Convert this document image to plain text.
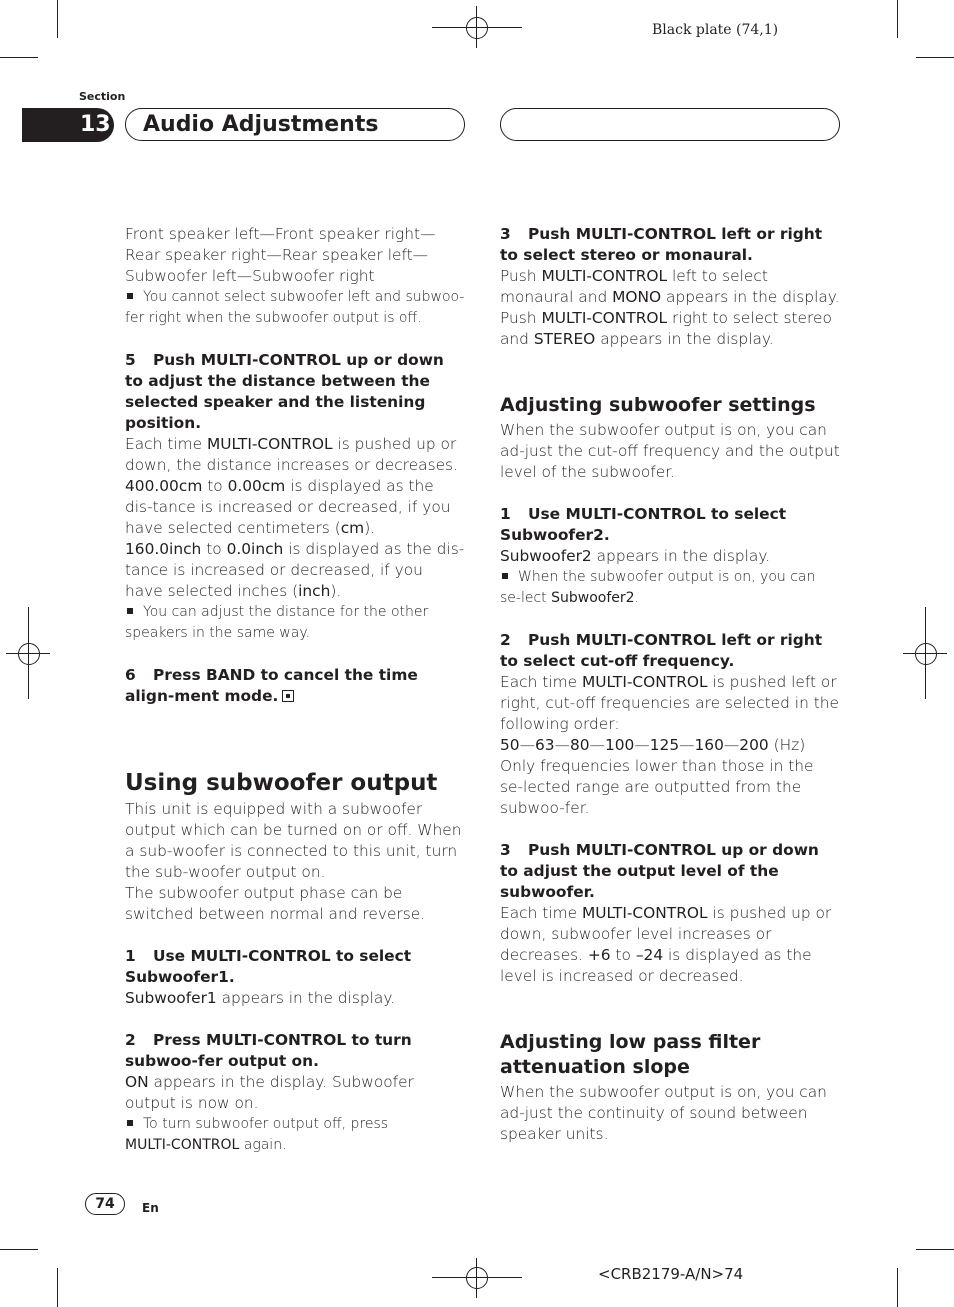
Black plate (74,1)
Section
13 Audio Adjustments

Front speaker left—Front speaker right—Rear speaker right—Rear speaker left—Subwoofer left—Subwoofer right

You cannot select subwoofer left and subwoo-fer right when the subwoofer output is off.

5 Push MULTI-CONTROL up or down to adjust the distance between the selected speaker and the listening position.

Each time MULTI-CONTROL is pushed up or down, the distance increases or decreases.

400.00cm to 0.00cm is displayed as the dis-tance is increased or decreased, if you have selected centimeters (cm).

160.0inch to 0.0inch is displayed as the dis-tance is increased or decreased, if you have selected inches (inch).

You can adjust the distance for the other speakers in the same way.

6 Press BAND to cancel the time align-ment mode.

Using subwoofer output

This unit is equipped with a subwoofer output which can be turned on or off. When a sub-woofer is connected to this unit, turn the sub-woofer output on.

The subwoofer output phase can be switched between normal and reverse.

1 Use MULTI-CONTROL to select Subwoofer1.

Subwoofer1 appears in the display.

2 Press MULTI-CONTROL to turn subwoo-fer output on.

ON appears in the display. Subwoofer output is now on.

To turn subwoofer output off, press
MULTI-CONTROL again.

3 Push MULTI-CONTROL left or right to select stereo or monaural.

Push MULTI-CONTROL left to select monaural and MONO appears in the display. Push MULTI-CONTROL right to select stereo and STEREO appears in the display.

Adjusting subwoofer settings

When the subwoofer output is on, you can ad-just the cut-off frequency and the output level of the subwoofer.

1 Use MULTI-CONTROL to select Subwoofer2.

Subwoofer2 appears in the display.

When the subwoofer output is on, you can se-lect Subwoofer2.

2 Push MULTI-CONTROL left or right to select cut-off frequency.

Each time MULTI-CONTROL is pushed left or right, cut-off frequencies are selected in the following order:

50—63—80—100—125—160—200 (Hz)

Only frequencies lower than those in the se-lected range are outputted from the subwoo-fer.

3 Push MULTI-CONTROL up or down to adjust the output level of the subwoofer.

Each time MULTI-CONTROL is pushed up or down, subwoofer level increases or decreases. +6 to –24 is displayed as the level is increased or decreased.

Adjusting low pass filter attenuation slope

When the subwoofer output is on, you can ad-just the continuity of sound between speaker units.

74	En
<CRB2179-A/N>74
